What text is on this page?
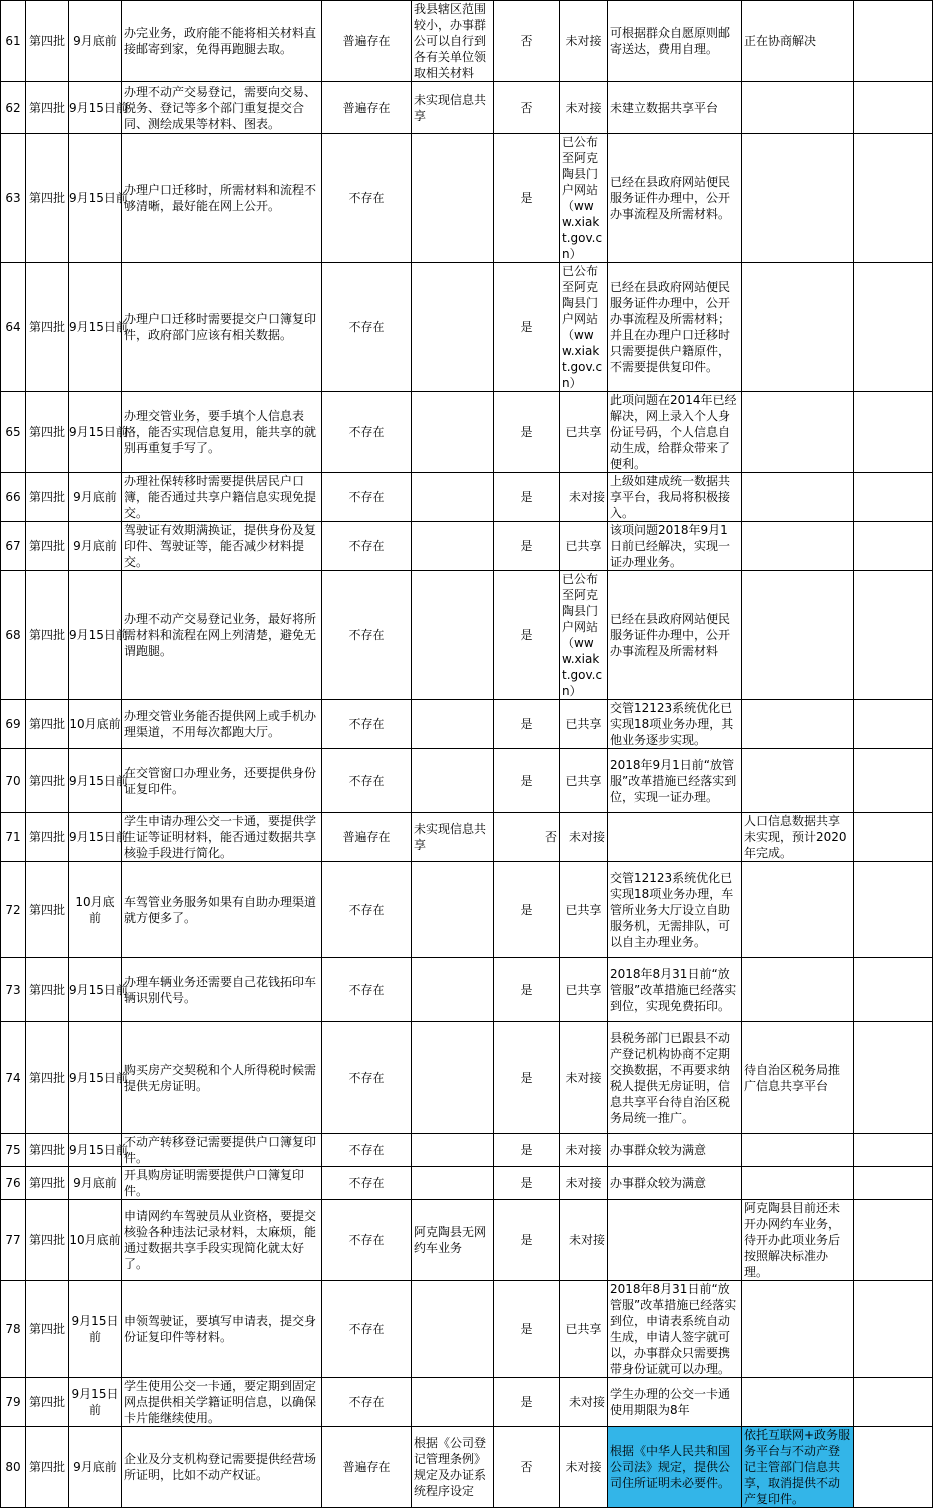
61	第四批	9月底前	办完业务，政府能不能将相关材料直接邮寄到家，免得再跑腿去取。	普遍存在	我县辖区范围较小，办事群公可以自行到各有关单位领取相关材料	否	未对接	可根据群众自愿原则邮寄送达，费用自理。	正在协商解决	
62	第四批	9月15日前	办理不动产交易登记，需要向交易、税务、登记等多个部门重复提交合同、测绘成果等材料、图表。	普遍存在	未实现信息共享	否	未对接	未建立数据共享平台		
63	第四批	9月15日前	办理户口迁移时，所需材料和流程不够清晰，最好能在网上公开。	不存在		是	已公布至阿克陶县门户网站（www.xiakt.gov.cn）	已经在县政府网站便民服务证件办理中，公开办事流程及所需材料。		
64	第四批	9月15日前	办理户口迁移时需要提交户口簿复印件，政府部门应该有相关数据。	不存在		是	已公布至阿克陶县门户网站（www.xiakt.gov.cn）	已经在县政府网站便民服务证件办理中，公开办事流程及所需材料；并且在办理户口迁移时只需要提供户籍原件，不需要提供复印件。		
65	第四批	9月15日前	办理交管业务，要手填个人信息表格，能否实现信息复用，能共享的就别再重复手写了。	不存在		是	已共享	此项问题在2014年已经解决，网上录入个人身份证号码，个人信息自动生成，给群众带来了便利。		
66	第四批	9月底前	办理社保转移时需要提供居民户口簿，能否通过共享户籍信息实现免提交。	不存在		是	未对接	上级如建成统一数据共享平台，我局将积极接入。		
67	第四批	9月底前	驾驶证有效期满换证，提供身份及复印件、驾驶证等，能否减少材料提交。	不存在		是	已共享	该项问题2018年9月1日前已经解决，实现一证办理业务。		
68	第四批	9月15日前	办理不动产交易登记业务，最好将所需材料和流程在网上列清楚，避免无谓跑腿。	不存在		是	已公布至阿克陶县门户网站（www.xiakt.gov.cn）	已经在县政府网站便民服务证件办理中，公开办事流程及所需材料		
69	第四批	10月底前	办理交管业务能否提供网上或手机办理渠道，不用每次都跑大厅。	不存在		是	已共享	交管12123系统优化已实现18项业务办理，其他业务逐步实现。		
70	第四批	9月15日前	在交管窗口办理业务，还要提供身份证复印件。	不存在		是	已共享	2018年9月1日前“放管服”改革措施已经落实到位，实现一证办理。		
71	第四批	9月15日前	学生申请办理公交一卡通，要提供学生证等证明材料，能否通过数据共享核验手段进行简化。	普遍存在	未实现信息共享	否	未对接		人口信息数据共享未实现，预计2020年完成。	
72	第四批	10月底前	车驾管业务服务如果有自助办理渠道就方便多了。	不存在		是	已共享	交管12123系统优化已实现18项业务办理，车管所业务大厅设立自助服务机，无需排队，可以自主办理业务。		
73	第四批	9月15日前	办理车辆业务还需要自己花钱拓印车辆识别代号。	不存在		是	已共享	2018年8月31日前“放管服”改革措施已经落实到位，实现免费拓印。		
74	第四批	9月15日前	购买房产交契税和个人所得税时候需提供无房证明。	不存在		是	未对接	县税务部门已跟县不动产登记机构协商不定期交换数据，不再要求纳税人提供无房证明，信息共享平台待自治区税务局统一推广。	待自治区税务局推广信息共享平台	
75	第四批	9月15日前	不动产转移登记需要提供户口簿复印件。	不存在		是	未对接	办事群众较为满意		
76	第四批	9月底前	开具购房证明需要提供户口簿复印件。	不存在		是	未对接	办事群众较为满意		
77	第四批	10月底前	申请网约车驾驶员从业资格，要提交核验各种违法记录材料，太麻烦，能通过数据共享手段实现简化就太好了。	不存在	阿克陶县无网约车业务	是	未对接		阿克陶县目前还未开办网约车业务，待开办此项业务后按照解决标准办理。	
78	第四批	9月15日前	申领驾驶证，要填写申请表，提交身份证复印件等材料。	不存在		是	已共享	2018年8月31日前“放管服”改革措施已经落实到位，申请表系统自动生成，申请人签字就可以，办事群众只需要携带身份证就可以办理。		
79	第四批	9月15日前	学生使用公交一卡通，要定期到固定网点提供相关学籍证明信息，以确保卡片能继续使用。	不存在		是	未对接	学生办理的公交一卡通使用期限为8年		
80	第四批	9月底前	企业及分支机构登记需要提供经营场所证明，比如不动产权证。	普遍存在	根据《公司登记管理条例》规定及办证系统程序设定	否	未对接	根据《中华人民共和国公司法》规定，提供公司住所证明未必要件。	依托互联网+政务服务平台与不动产登记主管部门信息共享，取消提供不动产复印件。	
